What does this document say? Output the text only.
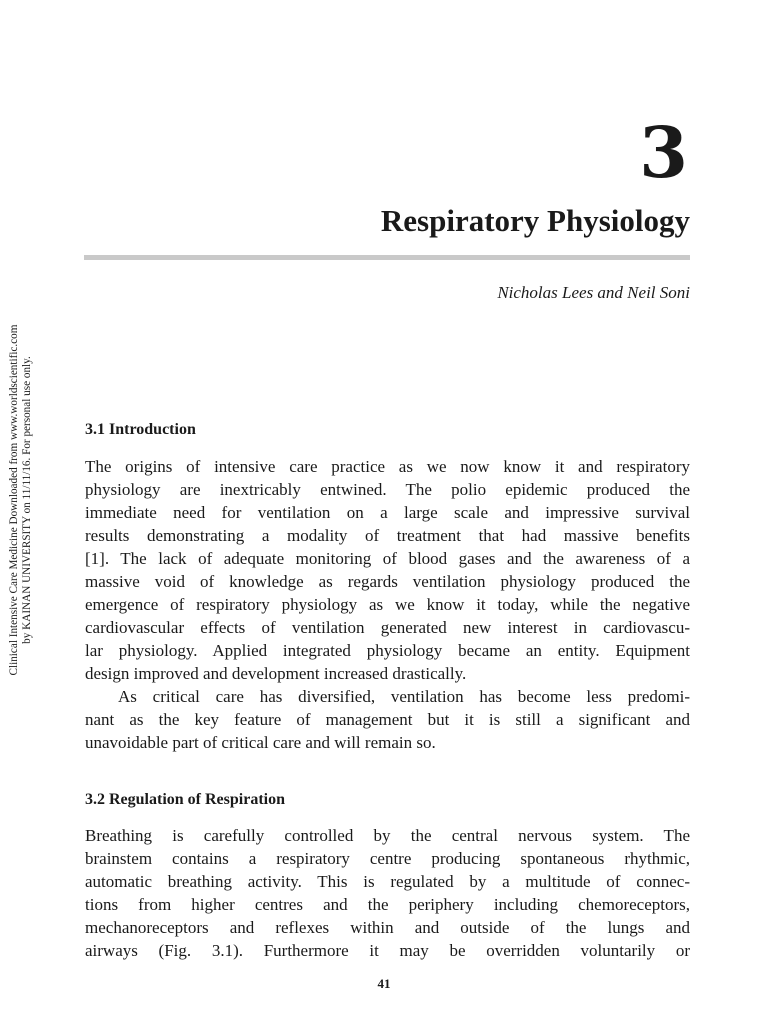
3
Respiratory Physiology
Nicholas Lees and Neil Soni
Clinical Intensive Care Medicine Downloaded from www.worldscientific.com by KAINAN UNIVERSITY on 11/11/16. For personal use only.	3.1 Introduction
The origins of intensive care practice as we now know it and respiratory
physiology are inextricably entwined. The polio epidemic produced the
immediate need for ventilation on a large scale and impressive survival
results demonstrating a modality of treatment that had massive benefits
[1]. The lack of adequate monitoring of blood gases and the awareness of a
massive void of knowledge as regards ventilation physiology produced the
emergence of respiratory physiology as we know it today, while the negative
cardiovascular effects of ventilation generated new interest in cardiovascu-
lar physiology. Applied integrated physiology became an entity. Equipment
design improved and development increased drastically.
As critical care has diversified, ventilation has become less predomi-
nant as the key feature of management but it is still a significant and
unavoidable part of critical care and will remain so.
3.2 Regulation of Respiration
Breathing is carefully controlled by the central nervous system. The
brainstem contains a respiratory centre producing spontaneous rhythmic,
automatic breathing activity. This is regulated by a multitude of connec-
tions from higher centres and the periphery including chemoreceptors,
mechanoreceptors and reflexes within and outside of the lungs and
airways (Fig. 3.1). Furthermore it may be overridden voluntarily or
41
